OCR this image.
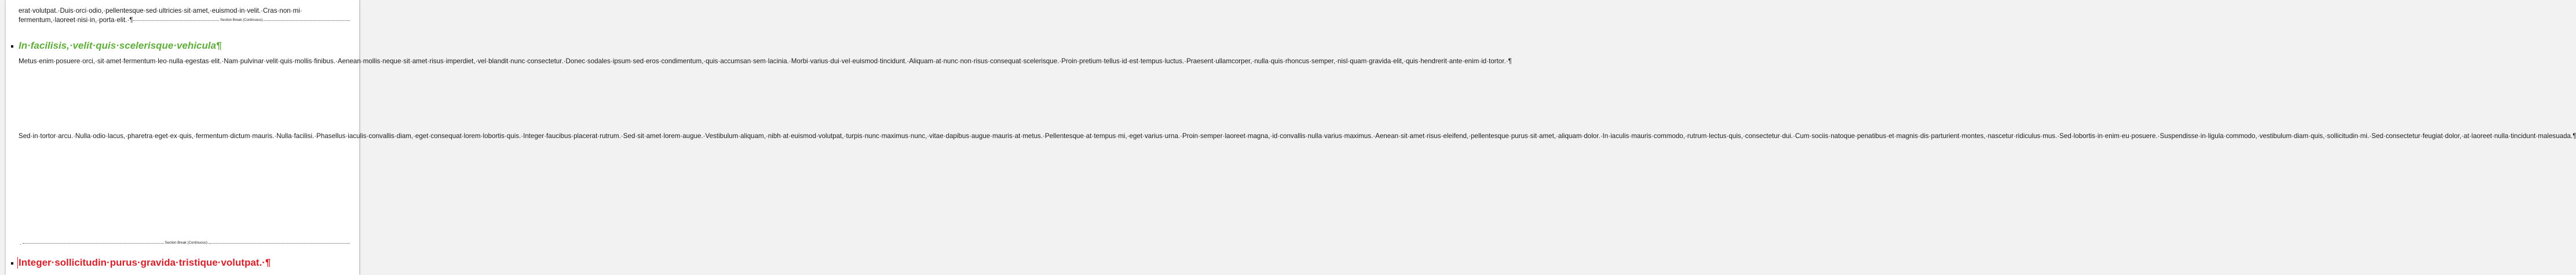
erat·volutpat.·Duis·orci·odio,·pellentesque·sed·ultricies·sit·amet,·euismod·in·velit.·Cras·non·mi·

fermentum,·laoreet·nisi·in,·porta·elit.·¶	Section Break (Continuous)
In·facilisis,·velit·quis·scelerisque·vehicula¶

Metus·enim·posuere·orci,·sit·amet·fermentum·leo·nulla·egestas·elit.·Nam·pulvinar·velit·quis·mollis·finibus.·Aenean·mollis·neque·sit·amet·risus·imperdiet,·vel·blandit·nunc·consectetur.·Donec·sodales·ipsum·sed·eros·condimentum,·quis·accumsan·sem·lacinia.·Morbi·varius·dui·vel·euismod·tincidunt.·Aliquam·at·nunc·non·risus·consequat·scelerisque.·Proin·pretium·tellus·id·est·tempus·luctus.·Praesent·ullamcorper,·nulla·quis·rhoncus·semper,·nisl·quam·gravida·elit,·quis·hendrerit·ante·enim·id·tortor.·¶

Sed·in·tortor·arcu.·Nulla·odio·lacus,·pharetra·eget·ex·quis,·fermentum·dictum·mauris.·Nulla·facilisi.·Phasellus·iaculis·convallis·diam,·eget·consequat·lorem·lobortis·quis.·Integer·faucibus·placerat·rutrum.·Sed·sit·amet·lorem·augue.·Vestibulum·aliquam,·nibh·at·euismod·volutpat,·turpis·nunc·maximus·nunc,·vitae·dapibus·augue·mauris·at·metus.·Pellentesque·at·tempus·mi,·eget·varius·urna.·Proin·semper·laoreet·magna,·id·convallis·nulla·varius·maximus.·Aenean·sit·amet·risus·eleifend,·pellentesque·purus·sit·amet,·aliquam·dolor.·In·iaculis·mauris·commodo,·rutrum·lectus·quis,·consectetur·dui.·Cum·sociis·natoque·penatibus·et·magnis·dis·parturient·montes,·nascetur·ridiculus·mus.·Sed·lobortis·in·enim·eu·posuere.·Suspendisse·in·ligula·commodo,·vestibulum·diam·quis,·sollicitudin·mi.·Sed·consectetur·feugiat·dolor,·at·laoreet·nulla·tincidunt·malesuada.¶

.	Section Break (Continuous)
Integer·sollicitudin·purus·gravida·tristique·volutpat.·¶
